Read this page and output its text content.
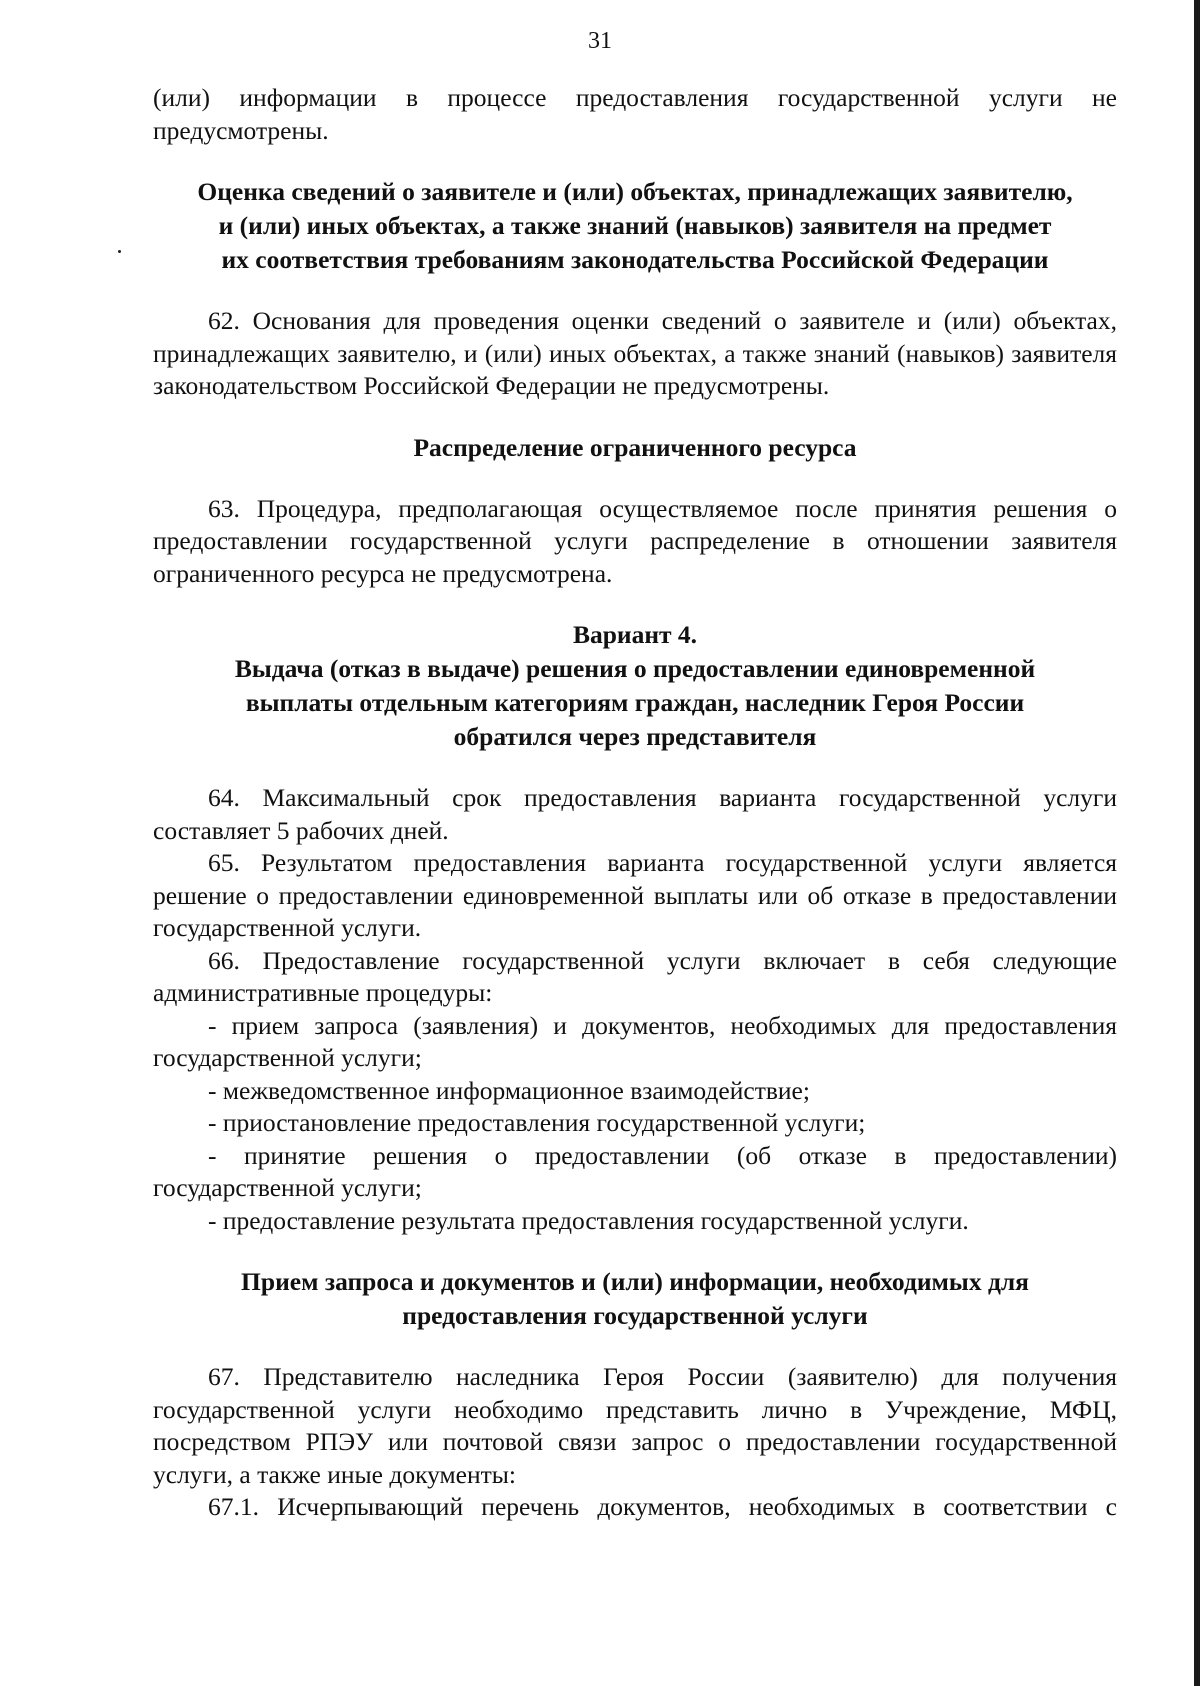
31

(или) информации в процессе предоставления государственной услуги не предусмотрены.

Оценка сведений о заявителе и (или) объектах, принадлежащих заявителю,
и (или) иных объектах, а также знаний (навыков) заявителя на предмет
их соответствия требованиям законодательства Российской Федерации

62. Основания для проведения оценки сведений о заявителе и (или) объектах, принадлежащих заявителю, и (или) иных объектах, а также знаний (навыков) заявителя законодательством Российской Федерации не предусмотрены.

Распределение ограниченного ресурса

63. Процедура, предполагающая осуществляемое после принятия решения о предоставлении государственной услуги распределение в отношении заявителя ограниченного ресурса не предусмотрена.

Вариант 4.
Выдача (отказ в выдаче) решения о предоставлении единовременной
выплаты отдельным категориям граждан, наследник Героя России
обратился через представителя

64. Максимальный срок предоставления варианта государственной услуги составляет 5 рабочих дней.

65. Результатом предоставления варианта государственной услуги является решение о предоставлении единовременной выплаты или об отказе в предоставлении государственной услуги.

66. Предоставление государственной услуги включает в себя следующие административные процедуры:

- прием запроса (заявления) и документов, необходимых для предоставления государственной услуги;

- межведомственное информационное взаимодействие;

- приостановление предоставления государственной услуги;

- принятие решения о предоставлении (об отказе в предоставлении) государственной услуги;

- предоставление результата предоставления государственной услуги.

Прием запроса и документов и (или) информации, необходимых для
предоставления государственной услуги

67. Представителю наследника Героя России (заявителю) для получения государственной услуги необходимо представить лично в Учреждение, МФЦ, посредством РПЭУ или почтовой связи запрос о предоставлении государственной услуги, а также иные документы:

67.1. Исчерпывающий перечень документов, необходимых в соответствии с
